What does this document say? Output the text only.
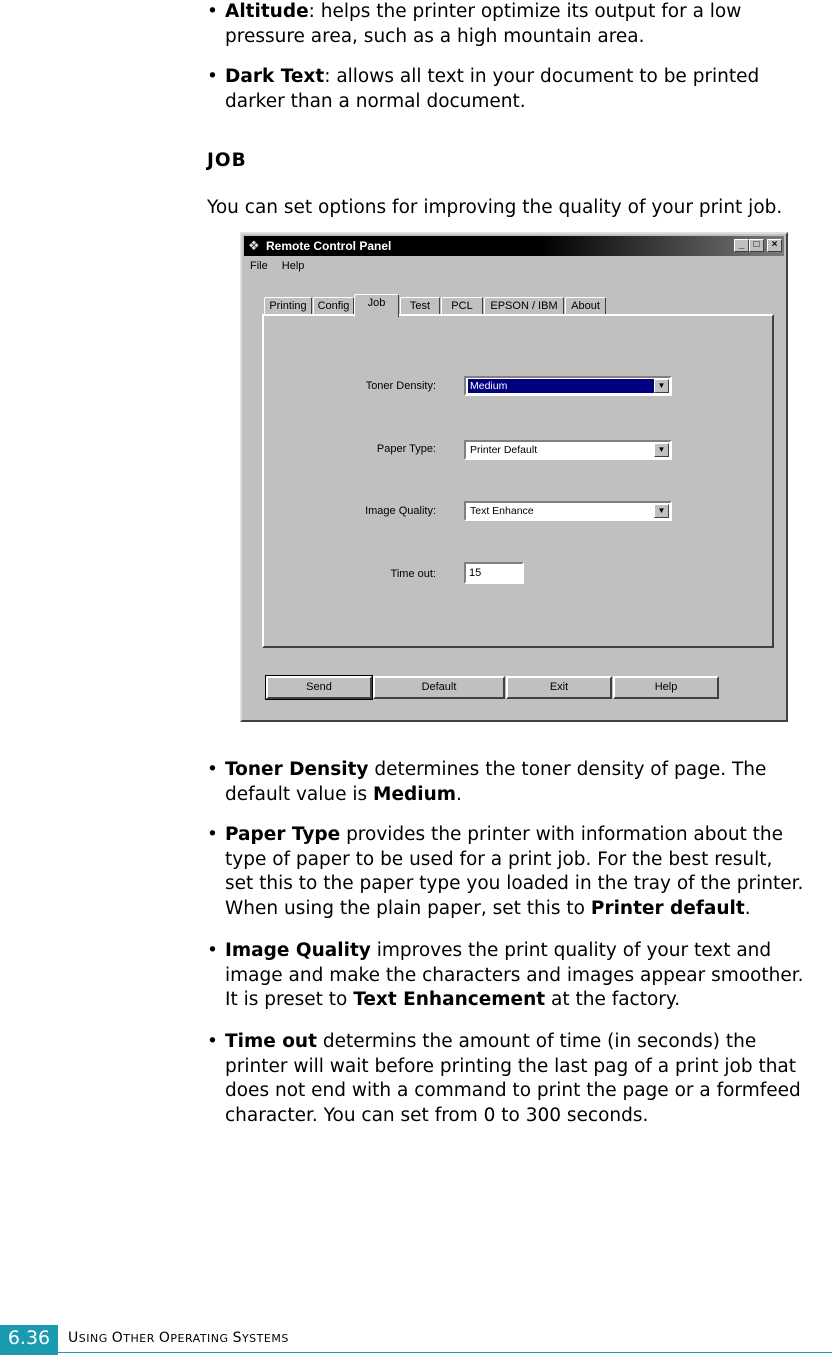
• Altitude: helps the printer optimize its output for a low
pressure area, such as a high mountain area.
• Dark Text: allows all text in your document to be printed
darker than a normal document.
JOB
You can set options for improving the quality of your print job.
❖ Remote Control Panel	_ □	×
File Help
Printing Config	Job	Test	PCL	EPSON / IBM	About
Toner Density:	Medium	▼
Paper Type:	Printer Default	▼
Image Quality:	Text Enhance	▼
Time out:	15
Send	Default	Exit	Help
• Toner Density determines the toner density of page. The
default value is Medium.
• Paper Type provides the printer with information about the
type of paper to be used for a print job. For the best result,
set this to the paper type you loaded in the tray of the printer.
When using the plain paper, set this to Printer default.
• Image Quality improves the print quality of your text and
image and make the characters and images appear smoother.
It is preset to Text Enhancement at the factory.
• Time out determins the amount of time (in seconds) the
printer will wait before printing the last pag of a print job that
does not end with a command to print the page or a formfeed
character. You can set from 0 to 300 seconds.
6.36	USING OTHER OPERATING SYSTEMS
